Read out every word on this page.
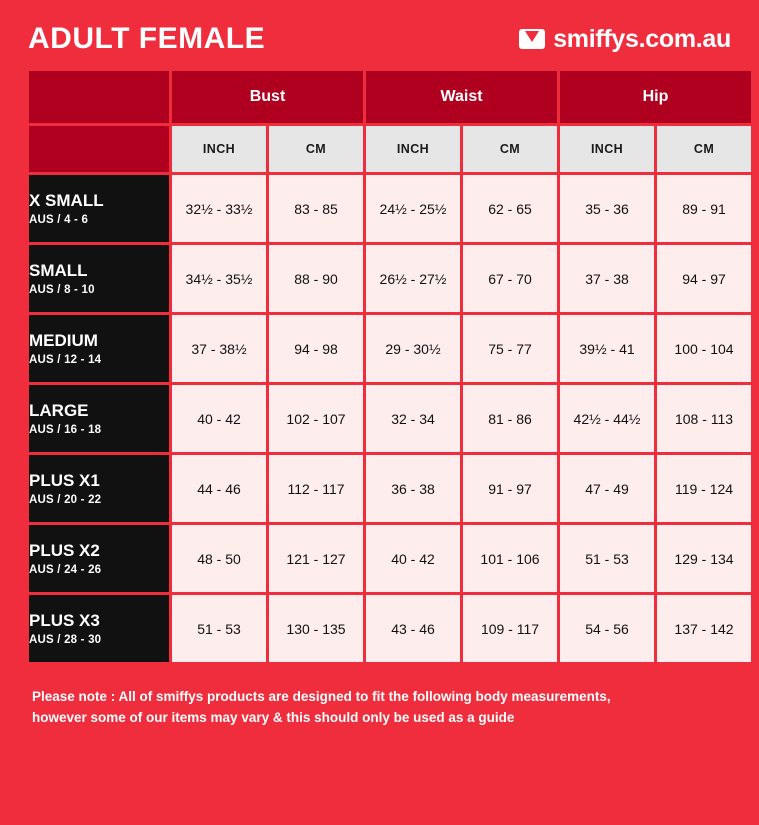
ADULT FEMALE	smiffys.com.au
	Bust		Waist		Hip	
	INCH	CM	INCH	CM	INCH	CM

X SMALL
AUS / 4 - 6	32½ - 33½	83 - 85	24½ - 25½	62 - 65	35 - 36	89 - 91

SMALL
AUS / 8 - 10	34½ - 35½	88 - 90	26½ - 27½	67 - 70	37 - 38	94 - 97

MEDIUM
AUS / 12 - 14	37 - 38½	94 - 98	29 - 30½	75 - 77	39½ - 41	100 - 104

LARGE
AUS / 16 - 18	40 - 42	102 - 107	32 - 34	81 - 86	42½ - 44½	108 - 113

PLUS X1
AUS / 20 - 22	44 - 46	112 - 117	36 - 38	91 - 97	47 - 49	119 - 124

PLUS X2
AUS / 24 - 26	48 - 50	121 - 127	40 - 42	101 - 106	51 - 53	129 - 134

PLUS X3
AUS / 28 - 30	51 - 53	130 - 135	43 - 46	109 - 117	54 - 56	137 - 142
Please note : All of smiffys products are designed to fit the following body measurements,
however some of our items may vary & this should only be used as a guide
